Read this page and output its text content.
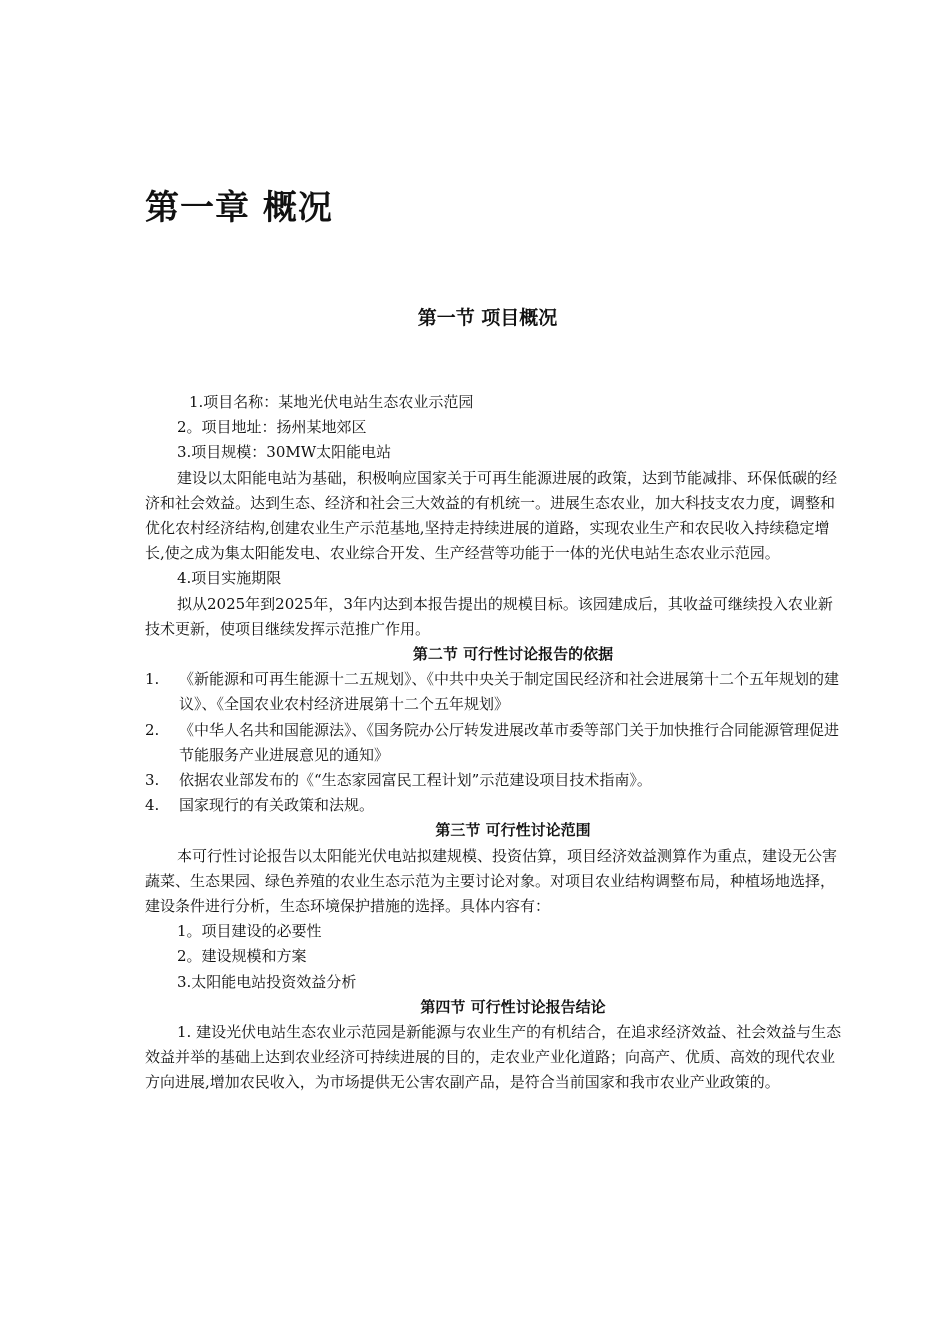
第一章 概况
第一节 项目概况

1.项目名称：某地光伏电站生态农业示范园

2。项目地址：扬州某地郊区

3.项目规模：30MW太阳能电站

建设以太阳能电站为基础，积极响应国家关于可再生能源进展的政策，达到节能减排、环保低碳的经济和社会效益。达到生态、经济和社会三大效益的有机统一。进展生态农业，加大科技支农力度，调整和优化农村经济结构,创建农业生产示范基地,坚持走持续进展的道路，实现农业生产和农民收入持续稳定增长,使之成为集太阳能发电、农业综合开发、生产经营等功能于一体的光伏电站生态农业示范园。

4.项目实施期限

拟从2025年到2025年，3年内达到本报告提出的规模目标。该园建成后，其收益可继续投入农业新技术更新，使项目继续发挥示范推广作用。

第二节 可行性讨论报告的依据

1.	《新能源和可再生能源十二五规划》、《中共中央关于制定国民经济和社会进展第十二个五年规划的建议》、《全国农业农村经济进展第十二个五年规划》
2.	《中华人名共和国能源法》、《国务院办公厅转发进展改革市委等部门关于加快推行合同能源管理促进节能服务产业进展意见的通知》
3.	依据农业部发布的《“生态家园富民工程计划”示范建设项目技术指南》。
4.	国家现行的有关政策和法规。

第三节 可行性讨论范围

本可行性讨论报告以太阳能光伏电站拟建规模、投资估算，项目经济效益测算作为重点，建设无公害蔬菜、生态果园、绿色养殖的农业生态示范为主要讨论对象。对项目农业结构调整布局，种植场地选择，建设条件进行分析，生态环境保护措施的选择。具体内容有：

1。项目建设的必要性

2。建设规模和方案

3.太阳能电站投资效益分析

第四节 可行性讨论报告结论

1. 建设光伏电站生态农业示范园是新能源与农业生产的有机结合，在追求经济效益、社会效益与生态效益并举的基础上达到农业经济可持续进展的目的，走农业产业化道路；向高产、优质、高效的现代农业方向进展,增加农民收入，为市场提供无公害农副产品，是符合当前国家和我市农业产业政策的。
